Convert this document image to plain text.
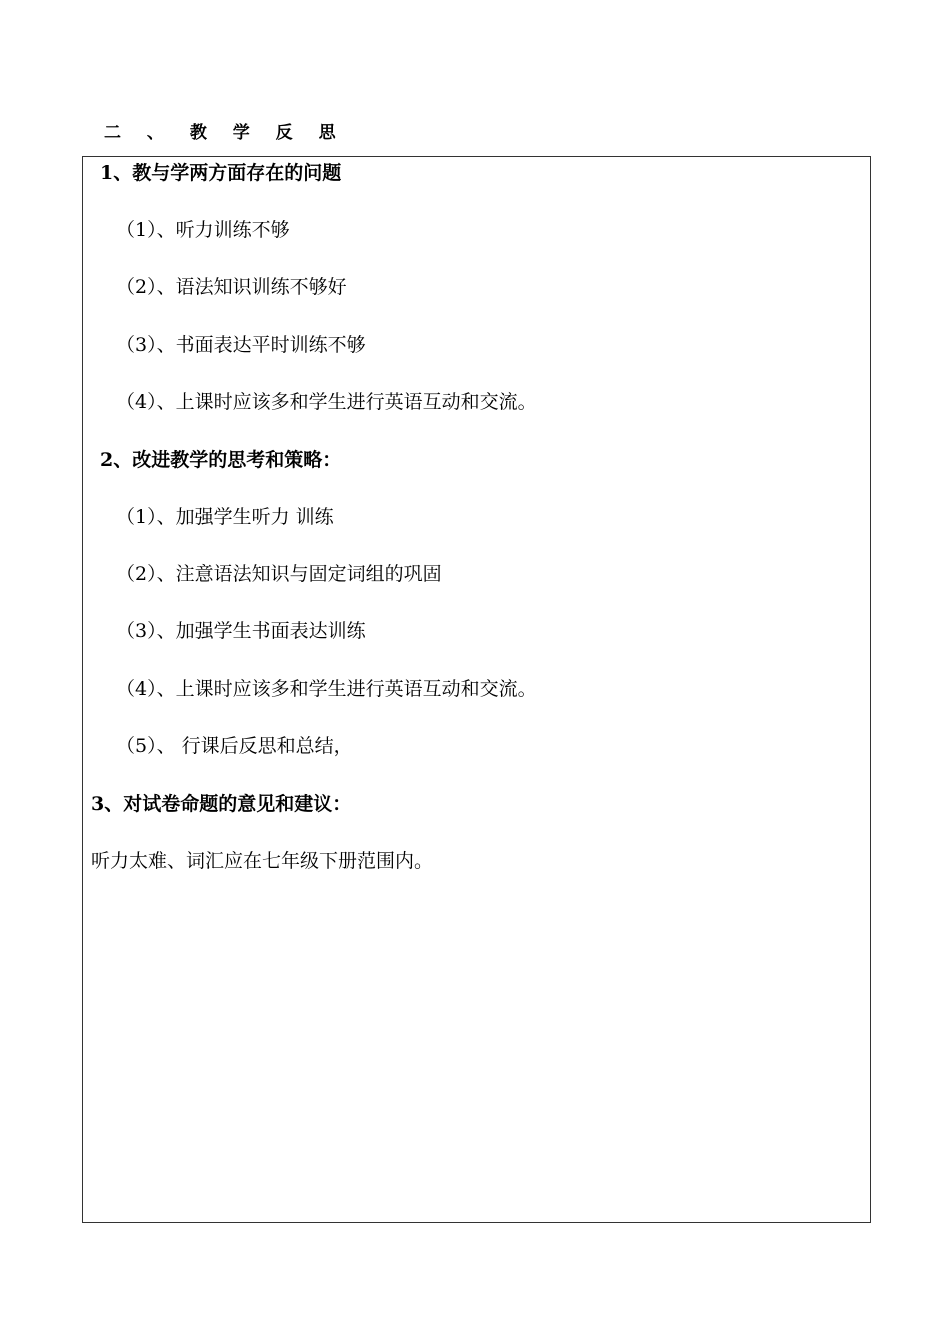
二 、 教 学 反 思
1、教与学两方面存在的问题
（1）、听力训练不够
（2）、语法知识训练不够好
（3）、书面表达平时训练不够
（4）、上课时应该多和学生进行英语互动和交流。
2、改进教学的思考和策略：
（1）、加强学生听力 训练
（2）、注意语法知识与固定词组的巩固
（3）、加强学生书面表达训练
（4）、上课时应该多和学生进行英语互动和交流。
（5）、 行课后反思和总结，
3、对试卷命题的意见和建议：
听力太难、词汇应在七年级下册范围内。
